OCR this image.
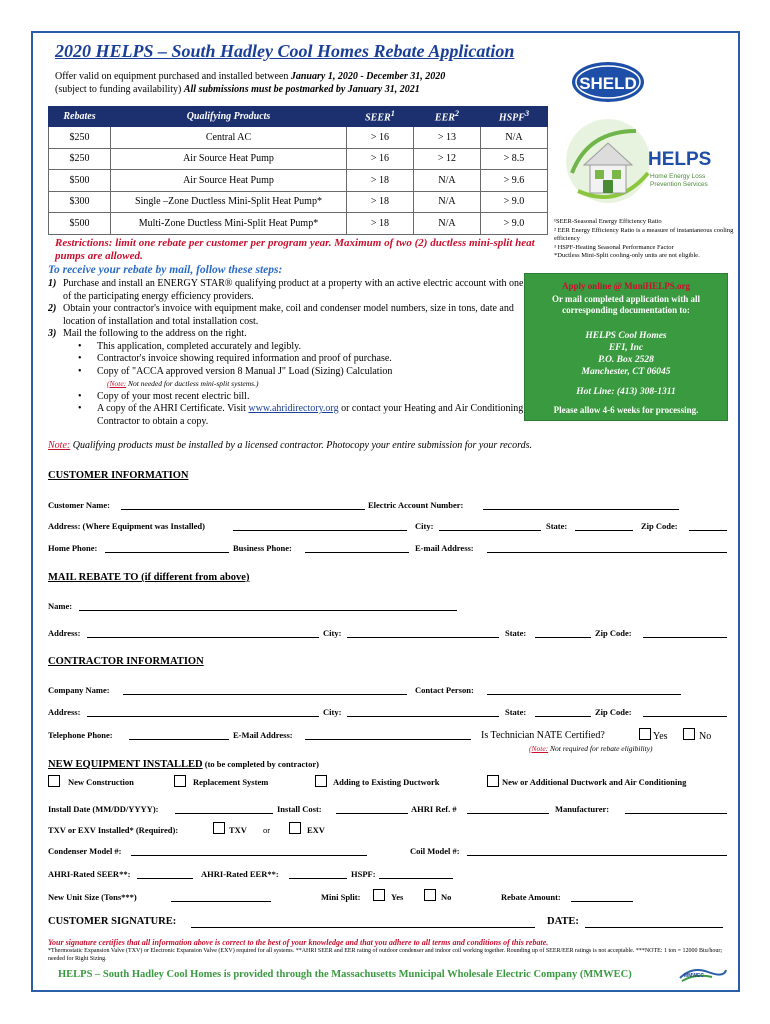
2020 HELPS – South Hadley Cool Homes Rebate Application
Offer valid on equipment purchased and installed between January 1, 2020 - December 31, 2020
(subject to funding availability) All submissions must be postmarked by January 31, 2021	SHELD
HELPS
Home Energy Loss
Prevention Services
Rebates	Qualifying Products	SEER$^1$	EER$^2$	HSPF$^3$
$250	Central AC	> 16	> 13	N/A
$250	Air Source Heat Pump	> 16	> 12	> 8.5
$500	Air Source Heat Pump	> 18	N/A	> 9.6
$300	Single –Zone Ductless Mini-Split Heat Pump*	> 18	N/A	> 9.0
$500	Multi-Zone Ductless Mini-Split Heat Pump*	> 18	N/A	> 9.0	¹SEER-Seasonal Energy Efficiency Ratio
² EER Energy Efficiency Ratio is a measure of instantaneous cooling efficiency
³ HSPF-Heating Seasonal Performance Factor
*Ductless Mini-Split cooling-only units are not eligible.
Restrictions: limit one rebate per customer per program year. Maximum of two (2) ductless mini-split heat pumps are allowed.
To receive your rebate by mail, follow these steps:
1) Purchase and install an ENERGY STAR® qualifying product at a property with an active electric account with one of the participating energy efficiency providers.
2) Obtain your contractor's invoice with equipment make, coil and condenser model numbers, size in tons, date and location of installation and total installation cost.
3) Mail the following to the address on the right.
•	This application, completed accurately and legibly.
•	Contractor's invoice showing required information and proof of purchase.
•	Copy of "ACCA approved version 8 Manual J" Load (Sizing) Calculation
(Note: Not needed for ductless mini-split systems.)
•	Copy of your most recent electric bill.
•	A copy of the AHRI Certificate. Visit www.ahridirectory.org or contact your Heating and Air Conditioning Contractor to obtain a copy.
Note: Qualifying products must be installed by a licensed contractor. Photocopy your entire submission for your records.
Apply online @ MuniHELPS.org
Or mail completed application with all corresponding documentation to:
HELPS Cool Homes
EFI, Inc
P.O. Box 2528
Manchester, CT 06045
Hot Line: (413) 308-1311
Please allow 4-6 weeks for processing.
CUSTOMER INFORMATION
Customer Name:	Electric Account Number:
Address: (Where Equipment was Installed)	City:	State:	Zip Code:
Home Phone:	Business Phone:	E-mail Address:
MAIL REBATE TO (if different from above)
Name:
Address:	City:	State:	Zip Code:
CONTRACTOR INFORMATION
Company Name:	Contact Person:
Address:	City:	State:	Zip Code:
Telephone Phone:	E-Mail Address:	Is Technician NATE Certified?	Yes	No
(Note: Not required for rebate eligibility)
NEW EQUIPMENT INSTALLED (to be completed by contractor)
New Construction	Replacement System	Adding to Existing Ductwork	New or Additional Ductwork and Air Conditioning
Install Date (MM/DD/YYYY):	Install Cost:	AHRI Ref. #	Manufacturer:
TXV or EXV Installed* (Required):	TXV or	EXV
Condenser Model #:	Coil Model #:
AHRI-Rated SEER**:	AHRI-Rated EER**:	HSPF:
New Unit Size (Tons***)	Mini Split:	Yes	No	Rebate Amount:
CUSTOMER SIGNATURE:	DATE:
Your signature certifies that all information above is correct to the best of your knowledge and that you adhere to all terms and conditions of this rebate.
*Thermostatic Expansion Valve (TXV) or Electronic Expansion Valve (EXV) required for all systems. **AHRI SEER and EER rating of outdoor condenser and indoor coil working together. Rounding up of SEER/EER ratings is not acceptable. ***NOTE: 1 ton = 12000 Btu/hour; needed for Right Sizing.
HELPS – South Hadley Cool Homes is provided through the Massachusetts Municipal Wholesale Electric Company (MMWEC)	MMWEC
